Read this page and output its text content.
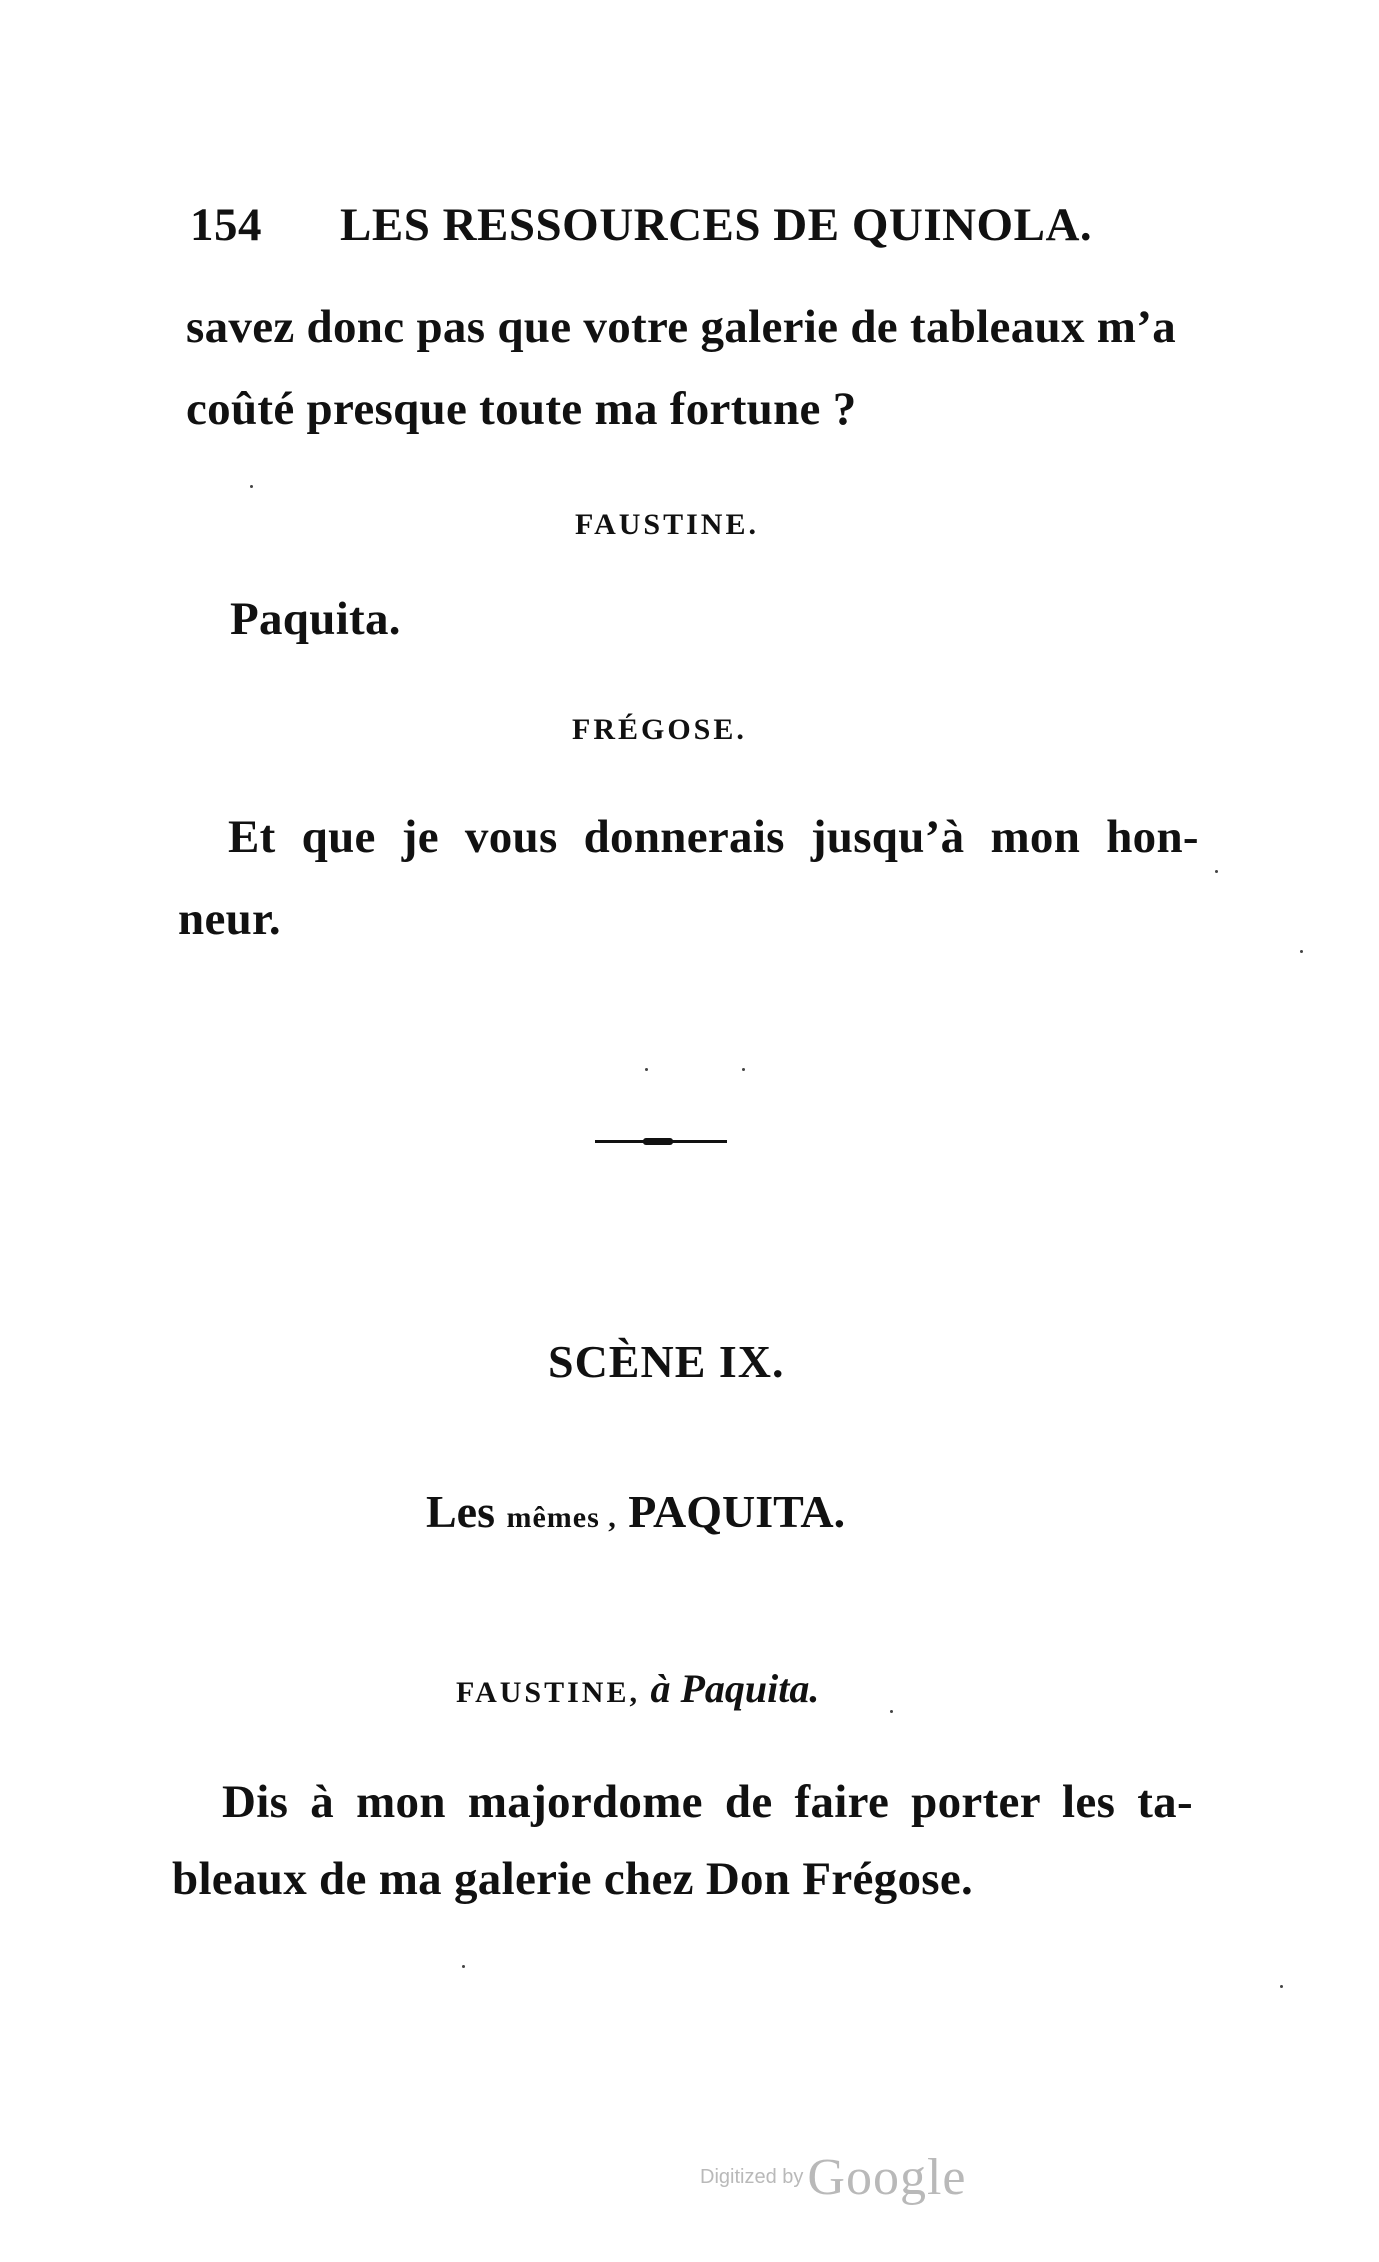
154 LES RESSOURCES DE QUINOLA.
savez donc pas que votre galerie de tableaux m’a
coûté presque toute ma fortune ?
FAUSTINE.
Paquita.
FRÉGOSE.
Et que je vous donnerais jusqu’à mon hon-
neur.
SCÈNE IX.
Les mêmes , PAQUITA.
FAUSTINE, à Paquita.
Dis à mon majordome de faire porter les ta-
bleaux de ma galerie chez Don Frégose.
Digitized by Google
